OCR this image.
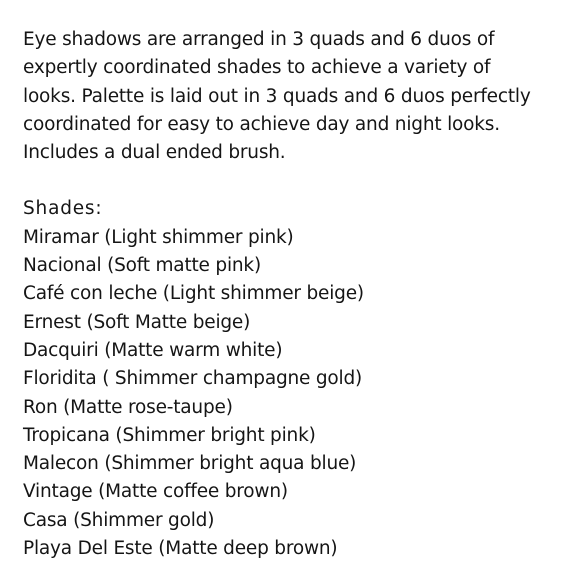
Eye shadows are arranged in 3 quads and 6 duos of

expertly coordinated shades to achieve a variety of

looks. Palette is laid out in 3 quads and 6 duos perfectly

coordinated for easy to achieve day and night looks.

Includes a dual ended brush.

Shades:
Miramar (Light shimmer pink)
Nacional (Soft matte pink)
Café con leche (Light shimmer beige)
Ernest (Soft Matte beige)
Dacquiri (Matte warm white)
Floridita ( Shimmer champagne gold)
Ron (Matte rose-taupe)
Tropicana (Shimmer bright pink)
Malecon (Shimmer bright aqua blue)
Vintage (Matte coffee brown)
Casa (Shimmer gold)
Playa Del Este (Matte deep brown)
